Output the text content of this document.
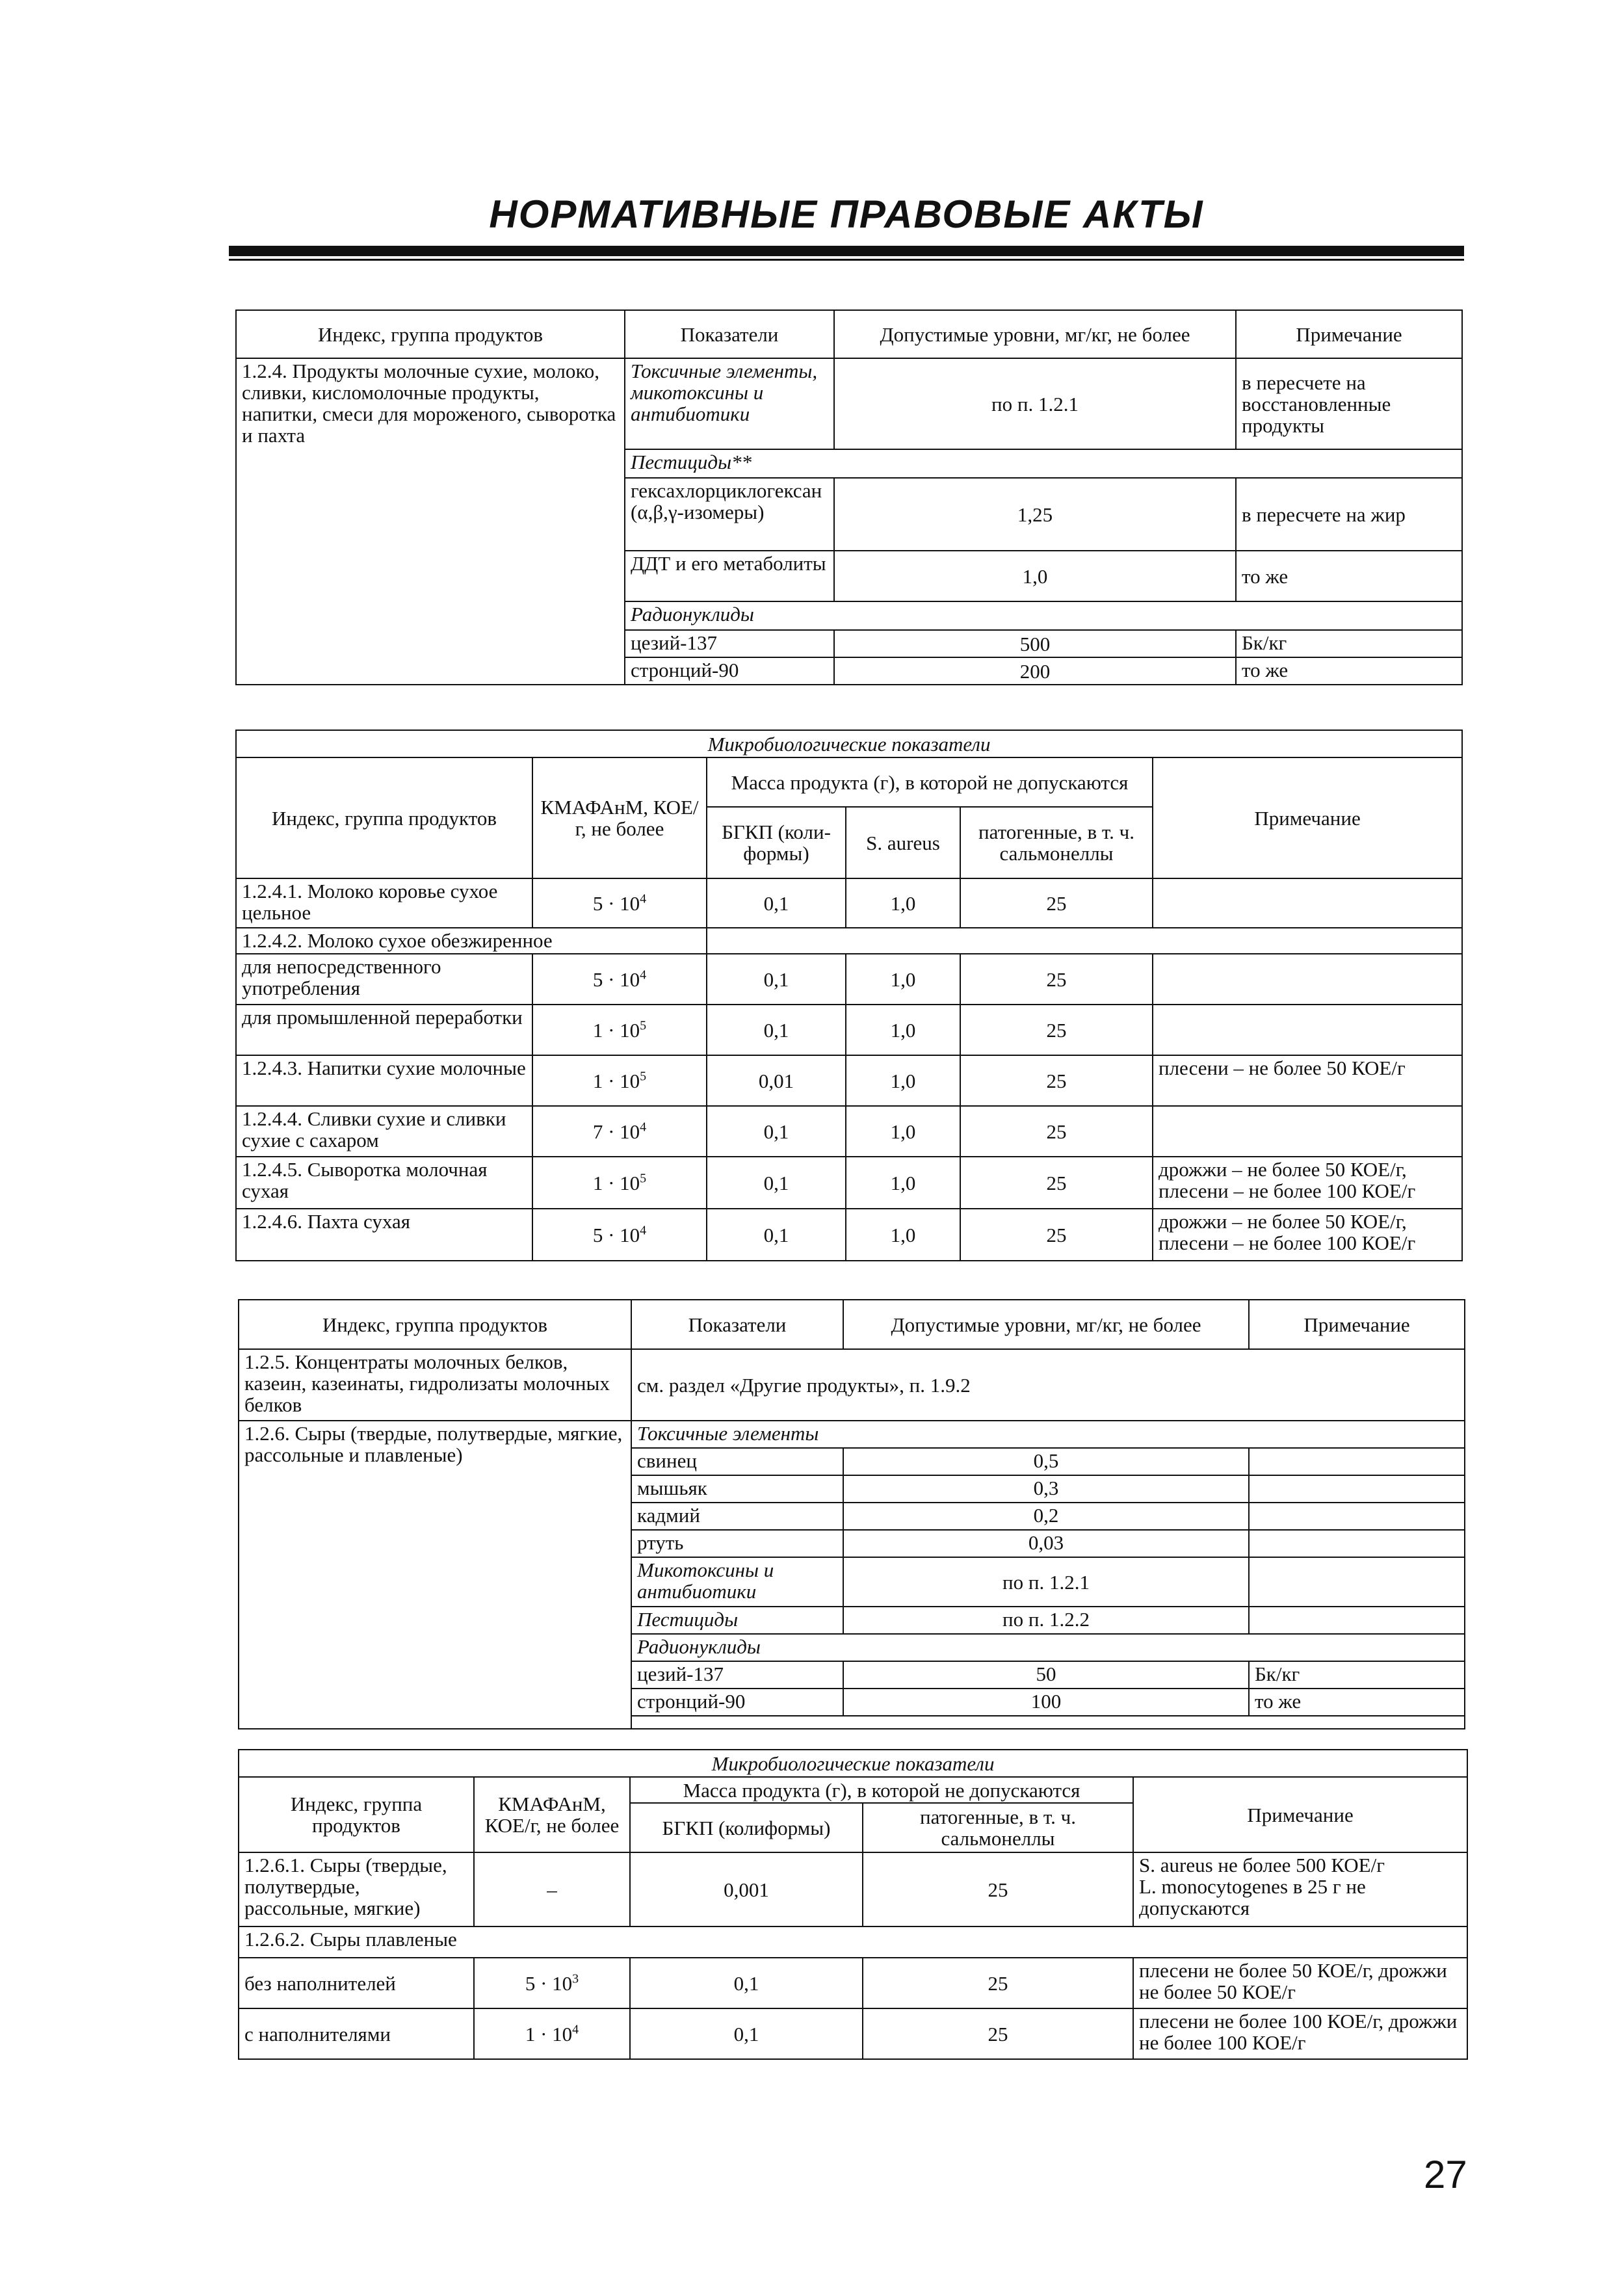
НОРМАТИВНЫЕ ПРАВОВЫЕ АКТЫ
Индекс, группа продуктов	Показатели	Допустимые уровни, мг/кг, не более	Примечание
1.2.4. Продукты молочные сухие, молоко, сливки, кисломолочные продукты, напитки, смеси для мороженого, сыворотка и пахта	Токсичные элементы, микотоксины и антибиотики	по п. 1.2.1	в пересчете на восстановленные продукты
	Пестициды**		
	гексахлорциклогексан (α,β,γ-изомеры)	1,25	в пересчете на жир
	ДДТ и его метаболиты	1,0	то же
	Радионуклиды		
	цезий-137	500	Бк/кг
	стронций-90	200	то же
Микробиологические показатели					
Индекс, группа продуктов	КМАФАнМ, КОЕ/г, не более	Масса продукта (г), в которой не допускаются			Примечание
		БГКП (коли-формы)	S. aureus	патогенные, в т. ч. сальмонеллы	
1.2.4.1. Молоко коровье сухое цельное	$5 \cdot 10^4$	0,1	1,0	25	
1.2.4.2. Молоко сухое обезжиренное					
для непосредственного употребления	$5 \cdot 10^4$	0,1	1,0	25	
для промышленной переработки	$1 \cdot 10^5$	0,1	1,0	25	
1.2.4.3. Напитки сухие молочные	$1 \cdot 10^5$	0,01	1,0	25	плесени – не более 50 КОЕ/г
1.2.4.4. Сливки сухие и сливки сухие с сахаром	$7 \cdot 10^4$	0,1	1,0	25	
1.2.4.5. Сыворотка молочная сухая	$1 \cdot 10^5$	0,1	1,0	25	дрожжи – не более 50 КОЕ/г,
плесени – не более 100 КОЕ/г

1.2.4.6. Пахта сухая	$5 \cdot 10^4$	0,1	1,0	25	дрожжи – не более 50 КОЕ/г,
плесени – не более 100 КОЕ/г
Индекс, группа продуктов	Показатели	Допустимые уровни, мг/кг, не более	Примечание
1.2.5. Концентраты молочных белков, казеин, казеинаты, гидролизаты молочных белков	см. раздел «Другие продукты», п. 1.9.2		
1.2.6. Сыры (твердые, полутвердые, мягкие, рассольные и плавленые)	Токсичные элементы		
	свинец	0,5	
	мышьяк	0,3	
	кадмий	0,2	
	ртуть	0,03	
	Микотоксины и антибиотики	по п. 1.2.1	
	Пестициды	по п. 1.2.2	
	Радионуклиды		
	цезий-137	50	Бк/кг
	стронций-90	100	то же

Микробиологические показатели				
Индекс, группа продуктов	КМАФАнМ, КОЕ/г, не более	Масса продукта (г), в которой не допускаются		Примечание
		БГКП (колиформы)	патогенные, в т. ч. сальмонеллы	
1.2.6.1. Сыры (твердые, полутвердые, рассольные, мягкие)	–	0,001	25	S. aureus не более 500 КОЕ/г
L. monocytogenes в 25 г не допускаются

1.2.6.2. Сыры плавленые				
без наполнителей	$5 \cdot 10^3$	0,1	25	плесени не более 50 КОЕ/г, дрожжи не более 50 КОЕ/г
с наполнителями	$1 \cdot 10^4$	0,1	25	плесени не более 100 КОЕ/г, дрожжи не более 100 КОЕ/г
27
